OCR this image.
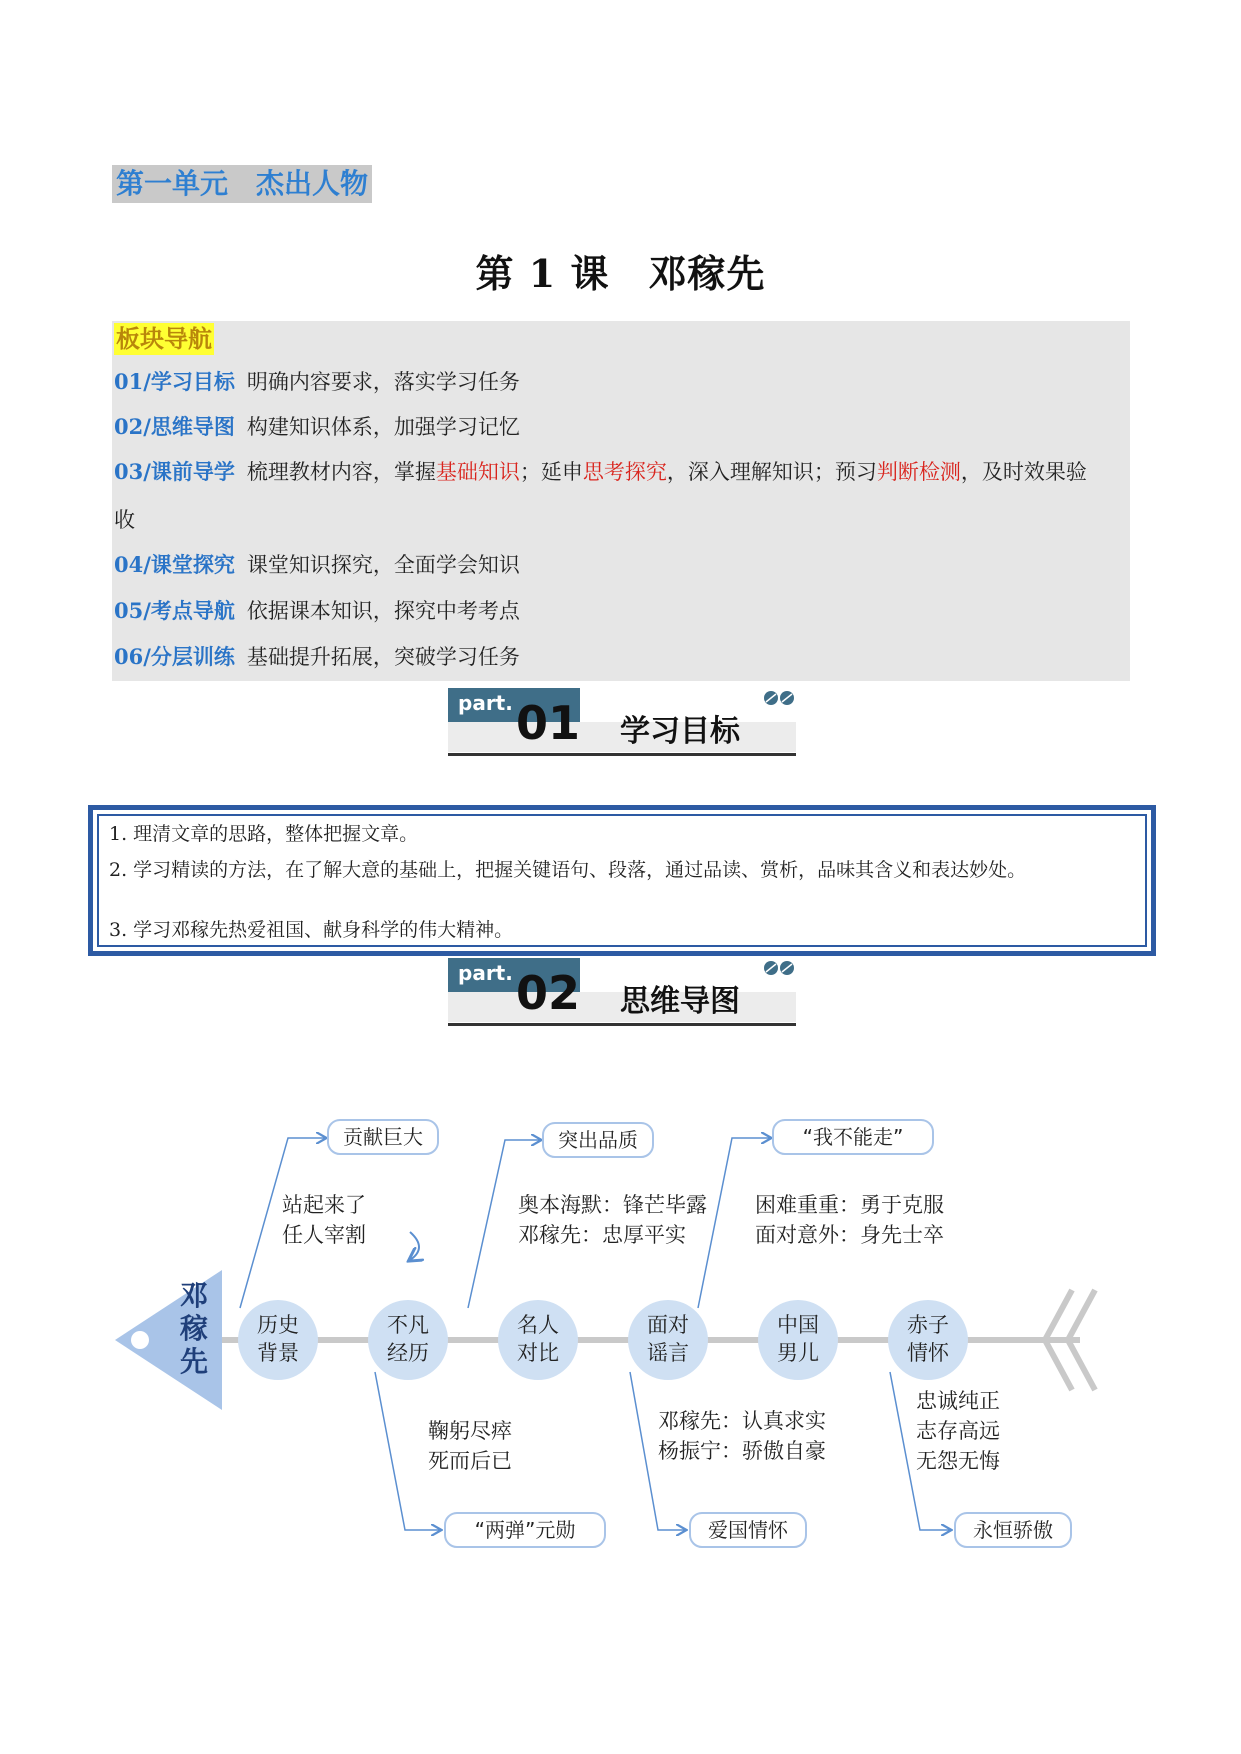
第一单元　杰出人物
第 1 课　邓稼先
板块导航
01/学习目标 明确内容要求，落实学习任务
02/思维导图 构建知识体系，加强学习记忆
03/课前导学 梳理教材内容，掌握基础知识；延申思考探究，深入理解知识；预习判断检测，及时效果验
收
04/课堂探究 课堂知识探究，全面学会知识
05/考点导航 依据课本知识，探究中考考点
06/分层训练 基础提升拓展，突破学习任务
part. 01 学习目标
1. 理清文章的思路，整体把握文章。
2. 学习精读的方法，在了解大意的基础上，把握关键语句、段落，通过品读、赏析，品味其含义和表达妙处。
3. 学习邓稼先热爱祖国、献身科学的伟大精神。
part. 02 思维导图
邓
稼
先
历史
背景
不凡
经历
名人
对比
面对
谣言
中国
男儿
赤子
情怀
贡献巨大	突出品质	“我不能走”
站起来了
任人宰割
奥本海默：锋芒毕露
邓稼先：忠厚平实
困难重重：勇于克服
面对意外：身先士卒
鞠躬尽瘁
死而后已
邓稼先：认真求实
杨振宁：骄傲自豪
忠诚纯正
志存高远
无怨无悔
“两弹”元勋	爱国情怀	永恒骄傲
